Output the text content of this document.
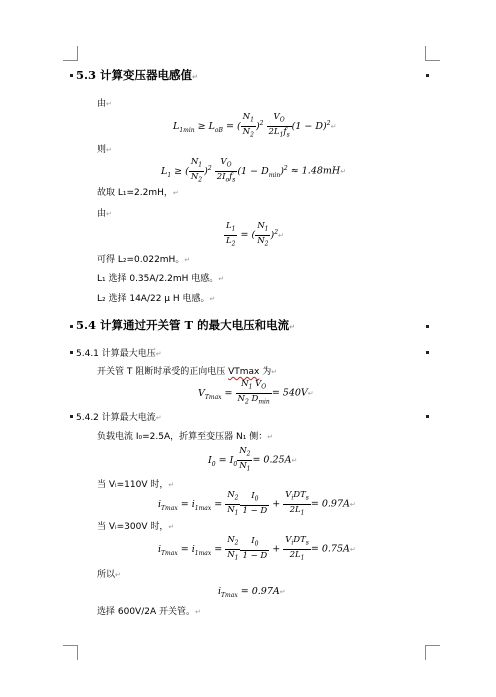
5.3 计算变压器电感值↵
由↵
$L_{1min} \ge L_{oB}$ = ( $\frac{N_1}{N_2} )^2 \frac{V_O}{2L_1f_s} (1$ − $D)^2↵$
则↵
$L_1$ ≥ ( $\frac{N_1}{N_2} )^2 \frac{V_O}{2I_of_s} (1 - D_{min})^2$ ≈ 1.48mH↵
故取 L₁=2.2mH，↵
由↵
$\frac{L_1}{L_2}$ = ( $\frac{N_1}{N_2}$ )$^2$↵
可得 L₂=0.022mH。↵
L₁ 选择 0.35A/2.2mH 电感。↵
L₂ 选择 14A/22 μ H 电感。↵
5.4 计算通过开关管 T 的最大电压和电流↵
5.4.1 计算最大电压↵
开关管 T 阻断时承受的正向电压 VTmax 为↵
$V_{Tmax} = \frac{N_1 V_O}{N_2 D_{min}}$ = 540V↵
5.4.2 计算最大电流↵
负载电流 I₀=2.5A，折算至变压器 N₁ 侧：↵
$I_0 = I_0 \frac{N_2}{N_1}$ = 0.25A↵
当 Vᵢ=110V 时，↵
$i_{Tmax} = i_{1max} = \frac{N_2}{N_1} \frac{I_0}{1 - D} + \frac{V_iDT_s}{2L_1}$ = 0.97A↵
当 Vᵢ=300V 时，↵
$i_{Tmax} = i_{1max} = \frac{N_2}{N_1} \frac{I_0}{1 - D} + \frac{V_iDT_s}{2L_1}$ = 0.75A↵
所以↵
$i_{Tmax}$ = 0.97A↵
选择 600V/2A 开关管。↵
